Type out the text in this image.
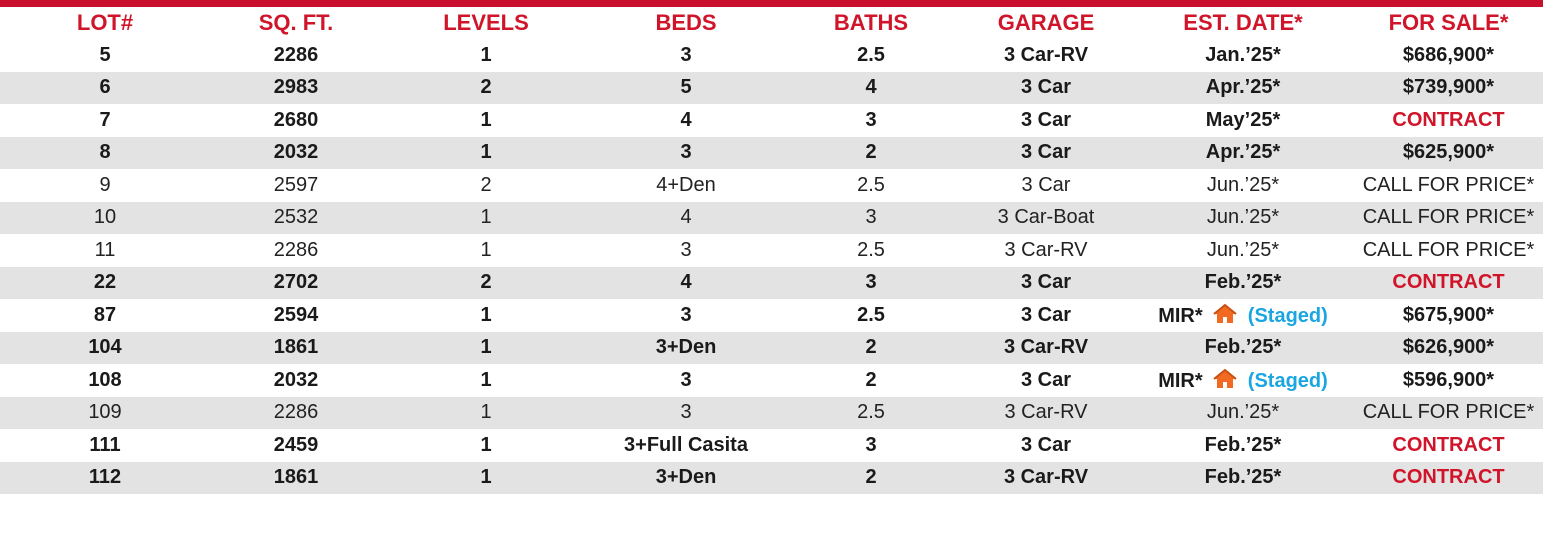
LOT#	SQ. FT.	LEVELS	BEDS	BATHS	GARAGE	EST. DATE*	FOR SALE*
5	2286	1	3	2.5	3 Car-RV	Jan.’25*	$686,900*
6	2983	2	5	4	3 Car	Apr.’25*	$739,900*
7	2680	1	4	3	3 Car	May’25*	CONTRACT
8	2032	1	3	2	3 Car	Apr.’25*	$625,900*
9	2597	2	4+Den	2.5	3 Car	Jun.’25*	CALL FOR PRICE*
10	2532	1	4	3	3 Car-Boat	Jun.’25*	CALL FOR PRICE*
11	2286	1	3	2.5	3 Car-RV	Jun.’25*	CALL FOR PRICE*
22	2702	2	4	3	3 Car	Feb.’25*	CONTRACT
87	2594	1	3	2.5	3 Car	MIR* (Staged)	$675,900*
104	1861	1	3+Den	2	3 Car-RV	Feb.’25*	$626,900*
108	2032	1	3	2	3 Car	MIR* (Staged)	$596,900*
109	2286	1	3	2.5	3 Car-RV	Jun.’25*	CALL FOR PRICE*
111	2459	1	3+Full Casita	3	3 Car	Feb.’25*	CONTRACT
112	1861	1	3+Den	2	3 Car-RV	Feb.’25*	CONTRACT
